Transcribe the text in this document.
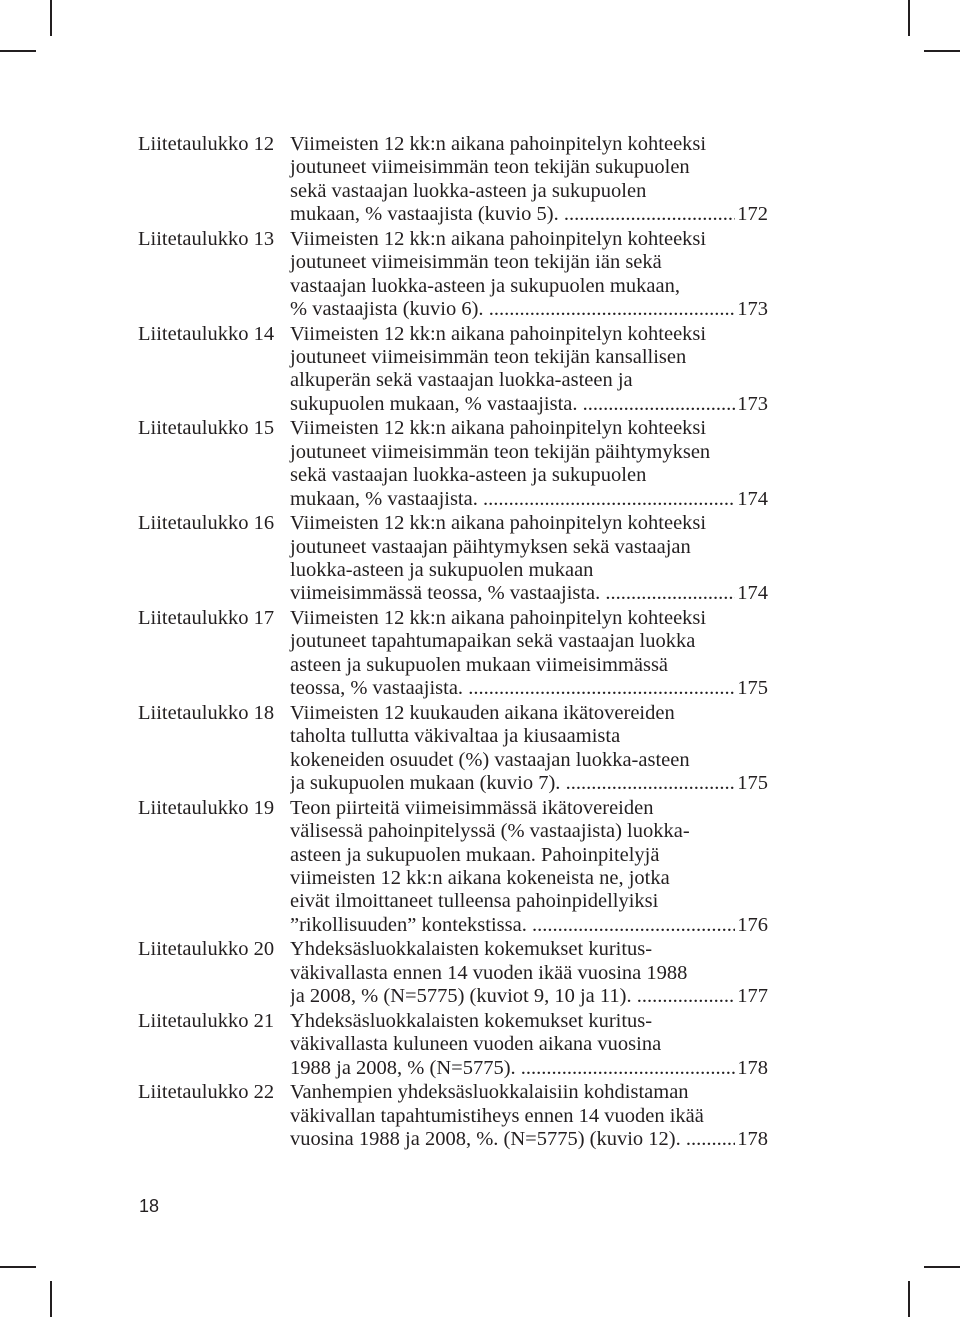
Liitetaulukko 12 Viimeisten 12 kk:n aikana pahoinpitelyn kohteeksi
joutuneet viimeisimmän teon tekijän sukupuolen
sekä vastaajan luokka-asteen ja sukupuolen
mukaan, % vastaajista (kuvio 5). .....	172
Liitetaulukko 13 Viimeisten 12 kk:n aikana pahoinpitelyn kohteeksi
joutuneet viimeisimmän teon tekijän iän sekä
vastaajan luokka-asteen ja sukupuolen mukaan,
% vastaajista (kuvio 6). .....	173
Liitetaulukko 14 Viimeisten 12 kk:n aikana pahoinpitelyn kohteeksi
joutuneet viimeisimmän teon tekijän kansallisen
alkuperän sekä vastaajan luokka-asteen ja
sukupuolen mukaan, % vastaajista. .....	173
Liitetaulukko 15 Viimeisten 12 kk:n aikana pahoinpitelyn kohteeksi
joutuneet viimeisimmän teon tekijän päihtymyksen
sekä vastaajan luokka-asteen ja sukupuolen
mukaan, % vastaajista. .....	174
Liitetaulukko 16 Viimeisten 12 kk:n aikana pahoinpitelyn kohteeksi
joutuneet vastaajan päihtymyksen sekä vastaajan
luokka-asteen ja sukupuolen mukaan
viimeisimmässä teossa, % vastaajista. .....	174
Liitetaulukko 17 Viimeisten 12 kk:n aikana pahoinpitelyn kohteeksi
joutuneet tapahtumapaikan sekä vastaajan luokka
asteen ja sukupuolen mukaan viimeisimmässä
teossa, % vastaajista. .....	175
Liitetaulukko 18 Viimeisten 12 kuukauden aikana ikätovereiden
taholta tullutta väkivaltaa ja kiusaamista
kokeneiden osuudet (%) vastaajan luokka-asteen
ja sukupuolen mukaan (kuvio 7). .....	175
Liitetaulukko 19 Teon piirteitä viimeisimmässä ikätovereiden
välisessä pahoinpitelyssä (% vastaajista) luokka-
asteen ja sukupuolen mukaan. Pahoinpitelyjä
viimeisten 12 kk:n aikana kokeneista ne, jotka
eivät ilmoittaneet tulleensa pahoinpidellyiksi
”rikollisuuden” kontekstissa. .....	176
Liitetaulukko 20 Yhdeksäsluokkalaisten kokemukset kuritus-
väkivallasta ennen 14 vuoden ikää vuosina 1988
ja 2008, % (N=5775) (kuviot 9, 10 ja 11). .....	177
Liitetaulukko 21 Yhdeksäsluokkalaisten kokemukset kuritus-
väkivallasta kuluneen vuoden aikana vuosina
1988 ja 2008, % (N=5775). .....	178
Liitetaulukko 22 Vanhempien yhdeksäsluokkalaisiin kohdistaman
väkivallan tapahtumistiheys ennen 14 vuoden ikää
vuosina 1988 ja 2008, %. (N=5775) (kuvio 12). .....	178
18
